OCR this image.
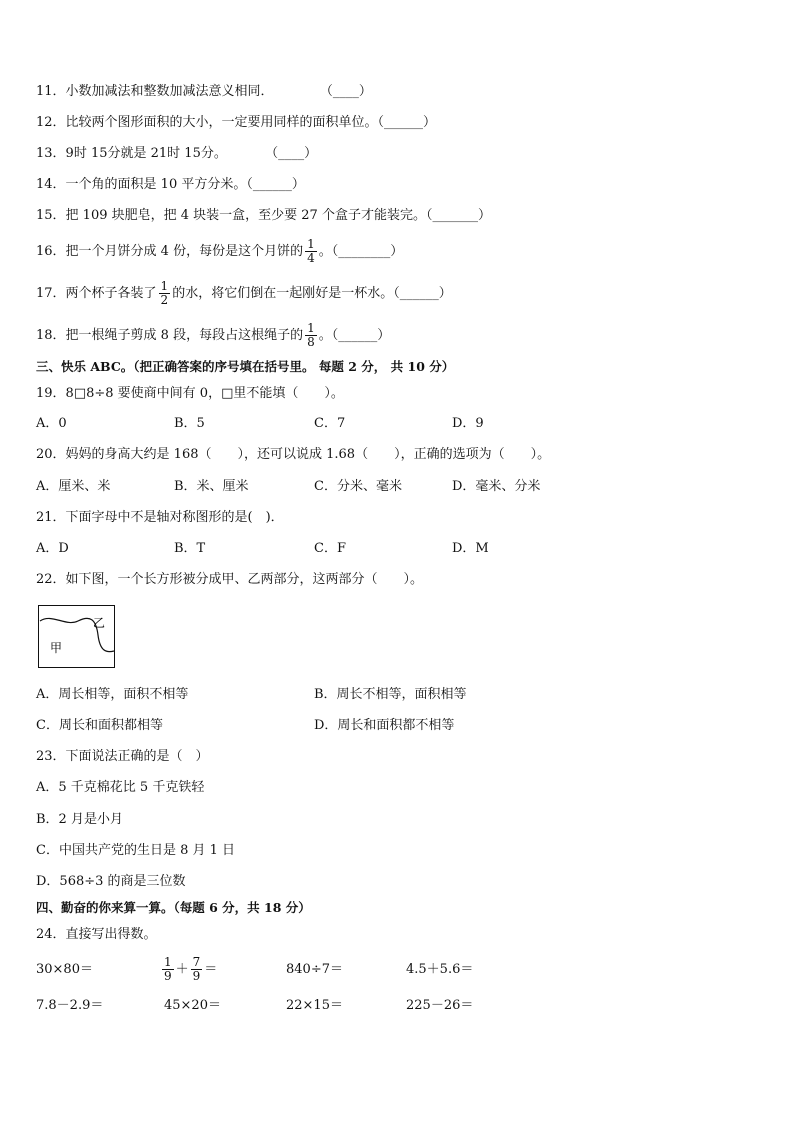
11．小数加减法和整数加减法意义相同．	（____）
12．比较两个图形面积的大小，一定要用同样的面积单位。（______）
13．9时 15分就是 21时 15分。	（____）
14．一个角的面积是 10 平方分米。（______）
15．把 109 块肥皂，把 4 块装一盒，至少要 27 个盒子才能装完。（_______）
16．把一个月饼分成 4 份，每份是这个月饼的 $\frac{1}{4}$ 。（________）
17．两个杯子各装了 $\frac{1}{2}$ 的水，将它们倒在一起刚好是一杯水。（______）
18．把一根绳子剪成 8 段，每段占这根绳子的 $\frac{1}{8}$ 。（______）
三、快乐 ABC。（把正确答案的序号填在括号里。 每题 2 分， 共 10 分）
19．8□8÷8 要使商中间有 0，□里不能填（　　）。
A．0	B．5	C．7	D．9
20．妈妈的身高大约是 168（　　），还可以说成 1.68（　　），正确的选项为（　　）。
A．厘米、米	B．米、厘米	C．分米、毫米	D．毫米、分米
21．下面字母中不是轴对称图形的是(　)．
A．D	B．T	C．F	D．M
22．如下图，一个长方形被分成甲、乙两部分，这两部分（　　）。
甲
乙
A．周长相等，面积不相等	B．周长不相等，面积相等
C．周长和面积都相等	D．周长和面积都不相等
23．下面说法正确的是（　）
A．5 千克棉花比 5 千克铁轻
B．2 月是小月
C．中国共产党的生日是 8 月 1 日
D．568÷3 的商是三位数
四、勤奋的你来算一算。（每题 6 分，共 18 分）
24．直接写出得数。
30×80＝	$\frac{1}{9} + \frac{7}{9}$ ＝	840÷7＝	4.5＋5.6＝
7.8－2.9＝	45×20＝	22×15＝	225－26＝
